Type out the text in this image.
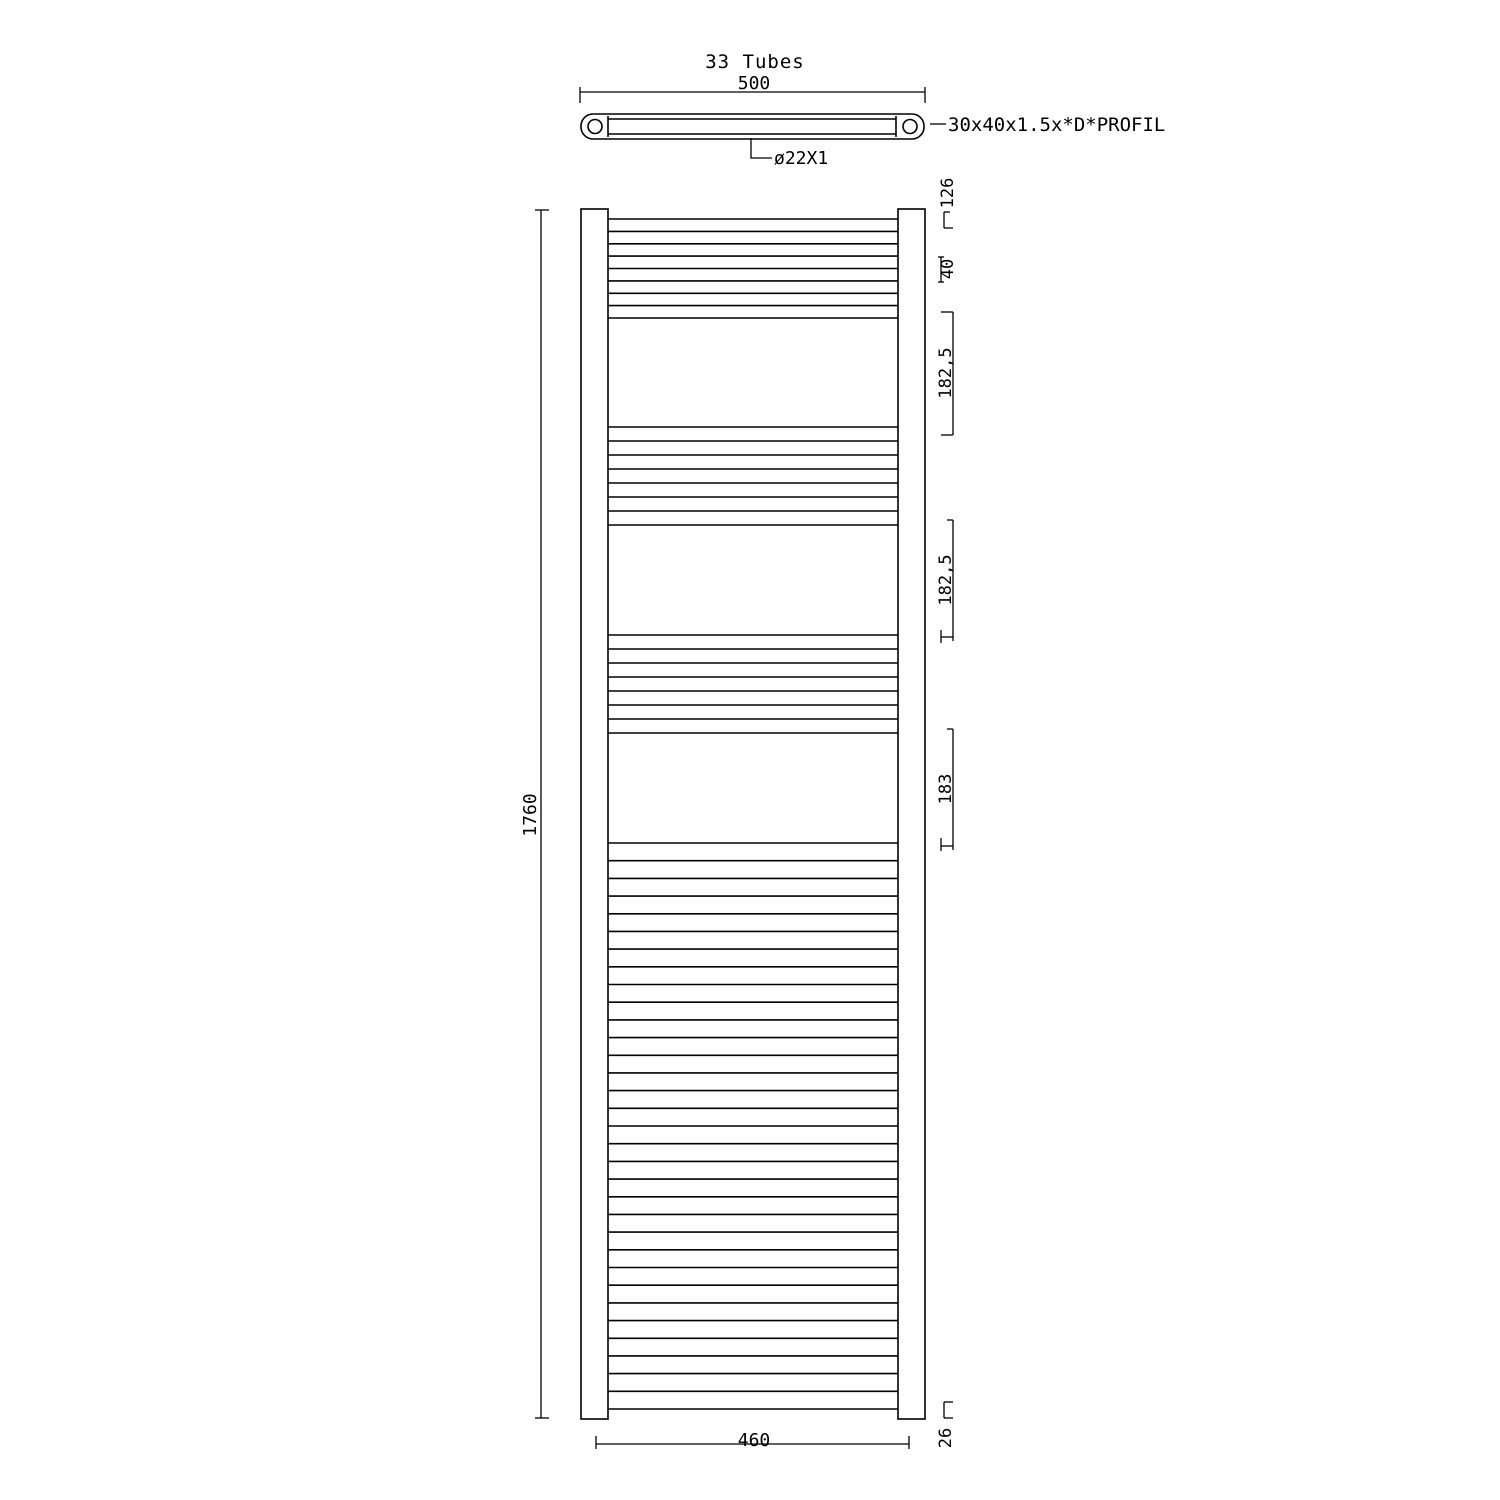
33 Tubes
500
30x40x1.5x*D*PROFIL
ø22X1
1760
460
126
40
182,5
182,5
183
26
